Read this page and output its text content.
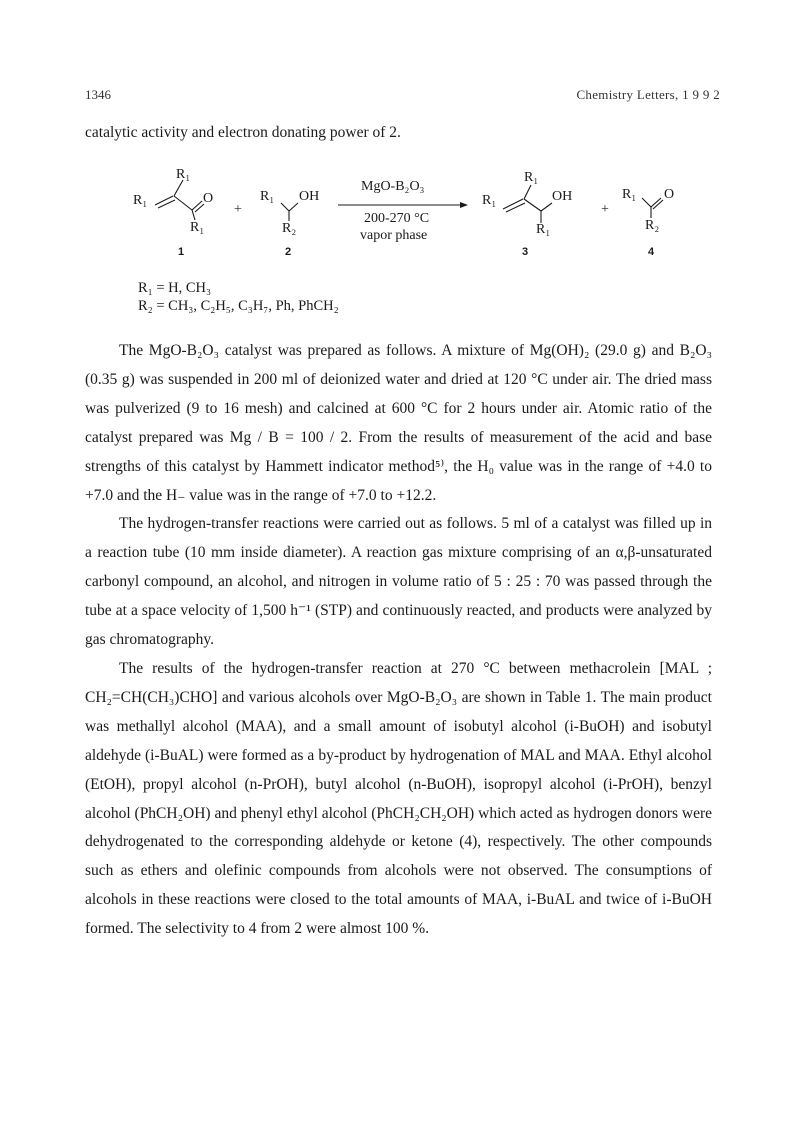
1346	Chemistry Letters, 1 9 9 2
catalytic activity and electron donating power of 2.
R₁
R₁	O
R₁
+
R₁ OH
R₂
MgO-B₂O₃
200-270 °C
vapor phase
R₁
R₁	OH
R₁
+
R₁ O
R₂
1	2	3	4
R₁ = H, CH₃
R₂ = CH₃, C₂H₅, C₃H₇, Ph, PhCH₂

The MgO-B₂O₃ catalyst was prepared as follows. A mixture of Mg(OH)₂ (29.0 g) and B₂O₃ (0.35 g) was suspended in 200 ml of deionized water and dried at 120 °C under air. The dried mass was pulverized (9 to 16 mesh) and calcined at 600 °C for 2 hours under air. Atomic ratio of the catalyst prepared was Mg / B = 100 / 2. From the results of measurement of the acid and base strengths of this catalyst by Hammett indicator method⁵⁾, the H₀ value was in the range of +4.0 to +7.0 and the H₋ value was in the range of +7.0 to +12.2.

The hydrogen-transfer reactions were carried out as follows. 5 ml of a catalyst was filled up in a reaction tube (10 mm inside diameter). A reaction gas mixture comprising of an α,β-unsaturated carbonyl compound, an alcohol, and nitrogen in volume ratio of 5 : 25 : 70 was passed through the tube at a space velocity of 1,500 h⁻¹ (STP) and continuously reacted, and products were analyzed by gas chromatography.

The results of the hydrogen-transfer reaction at 270 °C between methacrolein [MAL ; CH₂=CH(CH₃)CHO] and various alcohols over MgO-B₂O₃ are shown in Table 1. The main product was methallyl alcohol (MAA), and a small amount of isobutyl alcohol (i-BuOH) and isobutyl aldehyde (i-BuAL) were formed as a by-product by hydrogenation of MAL and MAA. Ethyl alcohol (EtOH), propyl alcohol (n-PrOH), butyl alcohol (n-BuOH), isopropyl alcohol (i-PrOH), benzyl alcohol (PhCH₂OH) and phenyl ethyl alcohol (PhCH₂CH₂OH) which acted as hydrogen donors were dehydrogenated to the corresponding aldehyde or ketone (4), respectively. The other compounds such as ethers and olefinic compounds from alcohols were not observed. The consumptions of alcohols in these reactions were closed to the total amounts of MAA, i-BuAL and twice of i-BuOH formed. The selectivity to 4 from 2 were almost 100 %.
